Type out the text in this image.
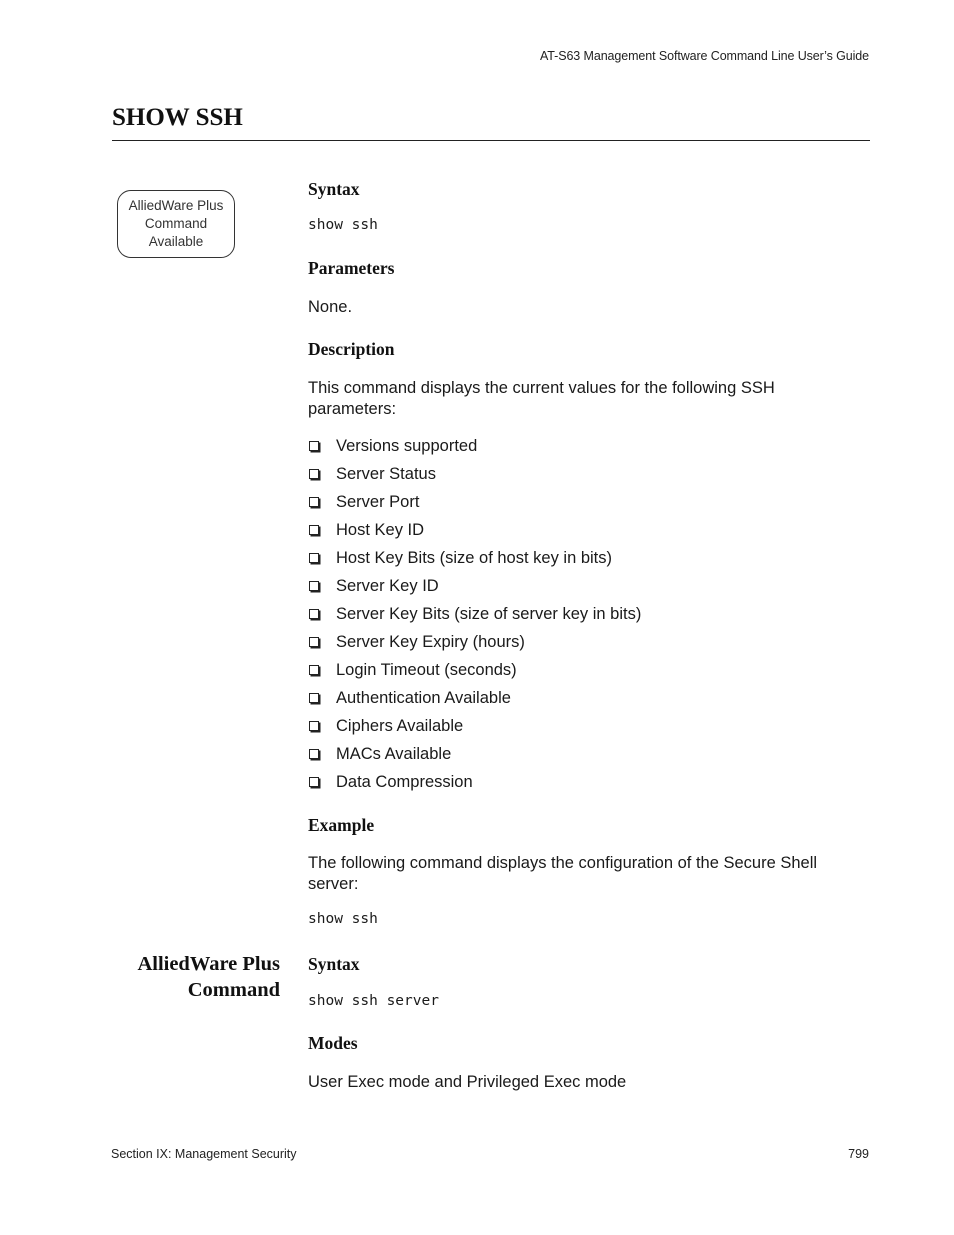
AT-S63 Management Software Command Line User’s Guide
SHOW SSH
AlliedWare Plus
Command
Available
Syntax
show ssh
Parameters
None.
Description
This command displays the current values for the following SSH parameters:
Versions supported
Server Status
Server Port
Host Key ID
Host Key Bits (size of host key in bits)
Server Key ID
Server Key Bits (size of server key in bits)
Server Key Expiry (hours)
Login Timeout (seconds)
Authentication Available
Ciphers Available
MACs Available
Data Compression
Example
The following command displays the configuration of the Secure Shell server:
show ssh
AlliedWare Plus
Command
Syntax
show ssh server
Modes
User Exec mode and Privileged Exec mode
Section IX: Management Security	799
